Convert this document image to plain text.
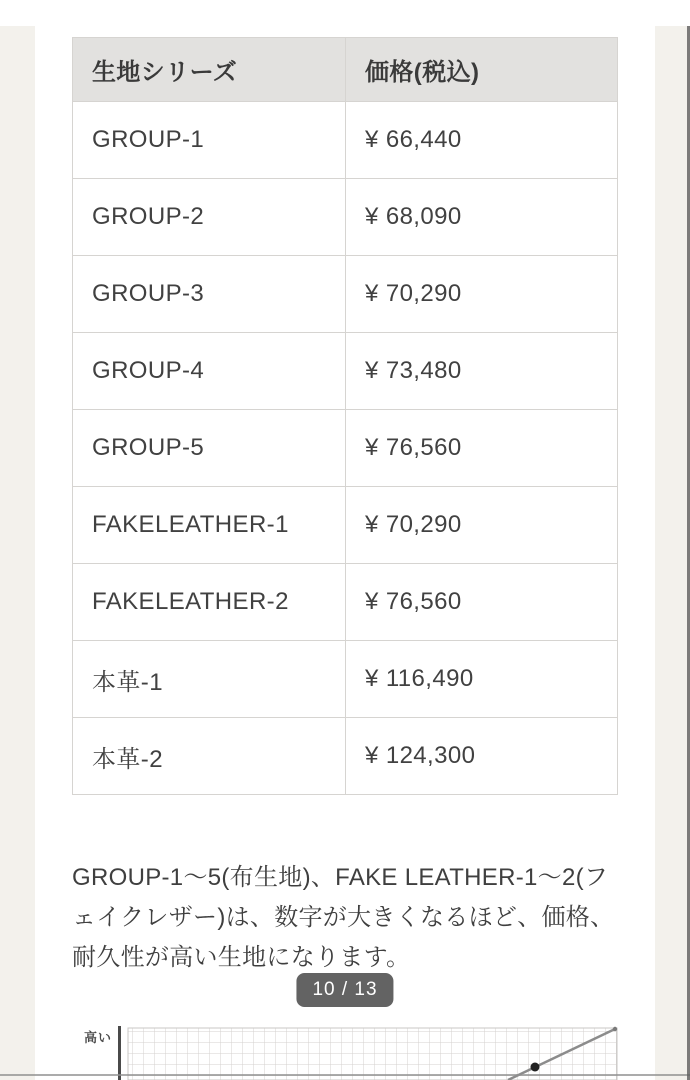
生地シリーズ	価格(税込)
GROUP-1	¥ 66,440
GROUP-2	¥ 68,090
GROUP-3	¥ 70,290
GROUP-4	¥ 73,480
GROUP-5	¥ 76,560
FAKELEATHER-1	¥ 70,290
FAKELEATHER-2	¥ 76,560
本革-1	¥ 116,490
本革-2	¥ 124,300

GROUP-1〜5(布生地)、FAKE LEATHER-1〜2(フェイクレザー)は、数字が大きくなるほど、価格、耐久性が高い生地になります。

10 / 13
高い
